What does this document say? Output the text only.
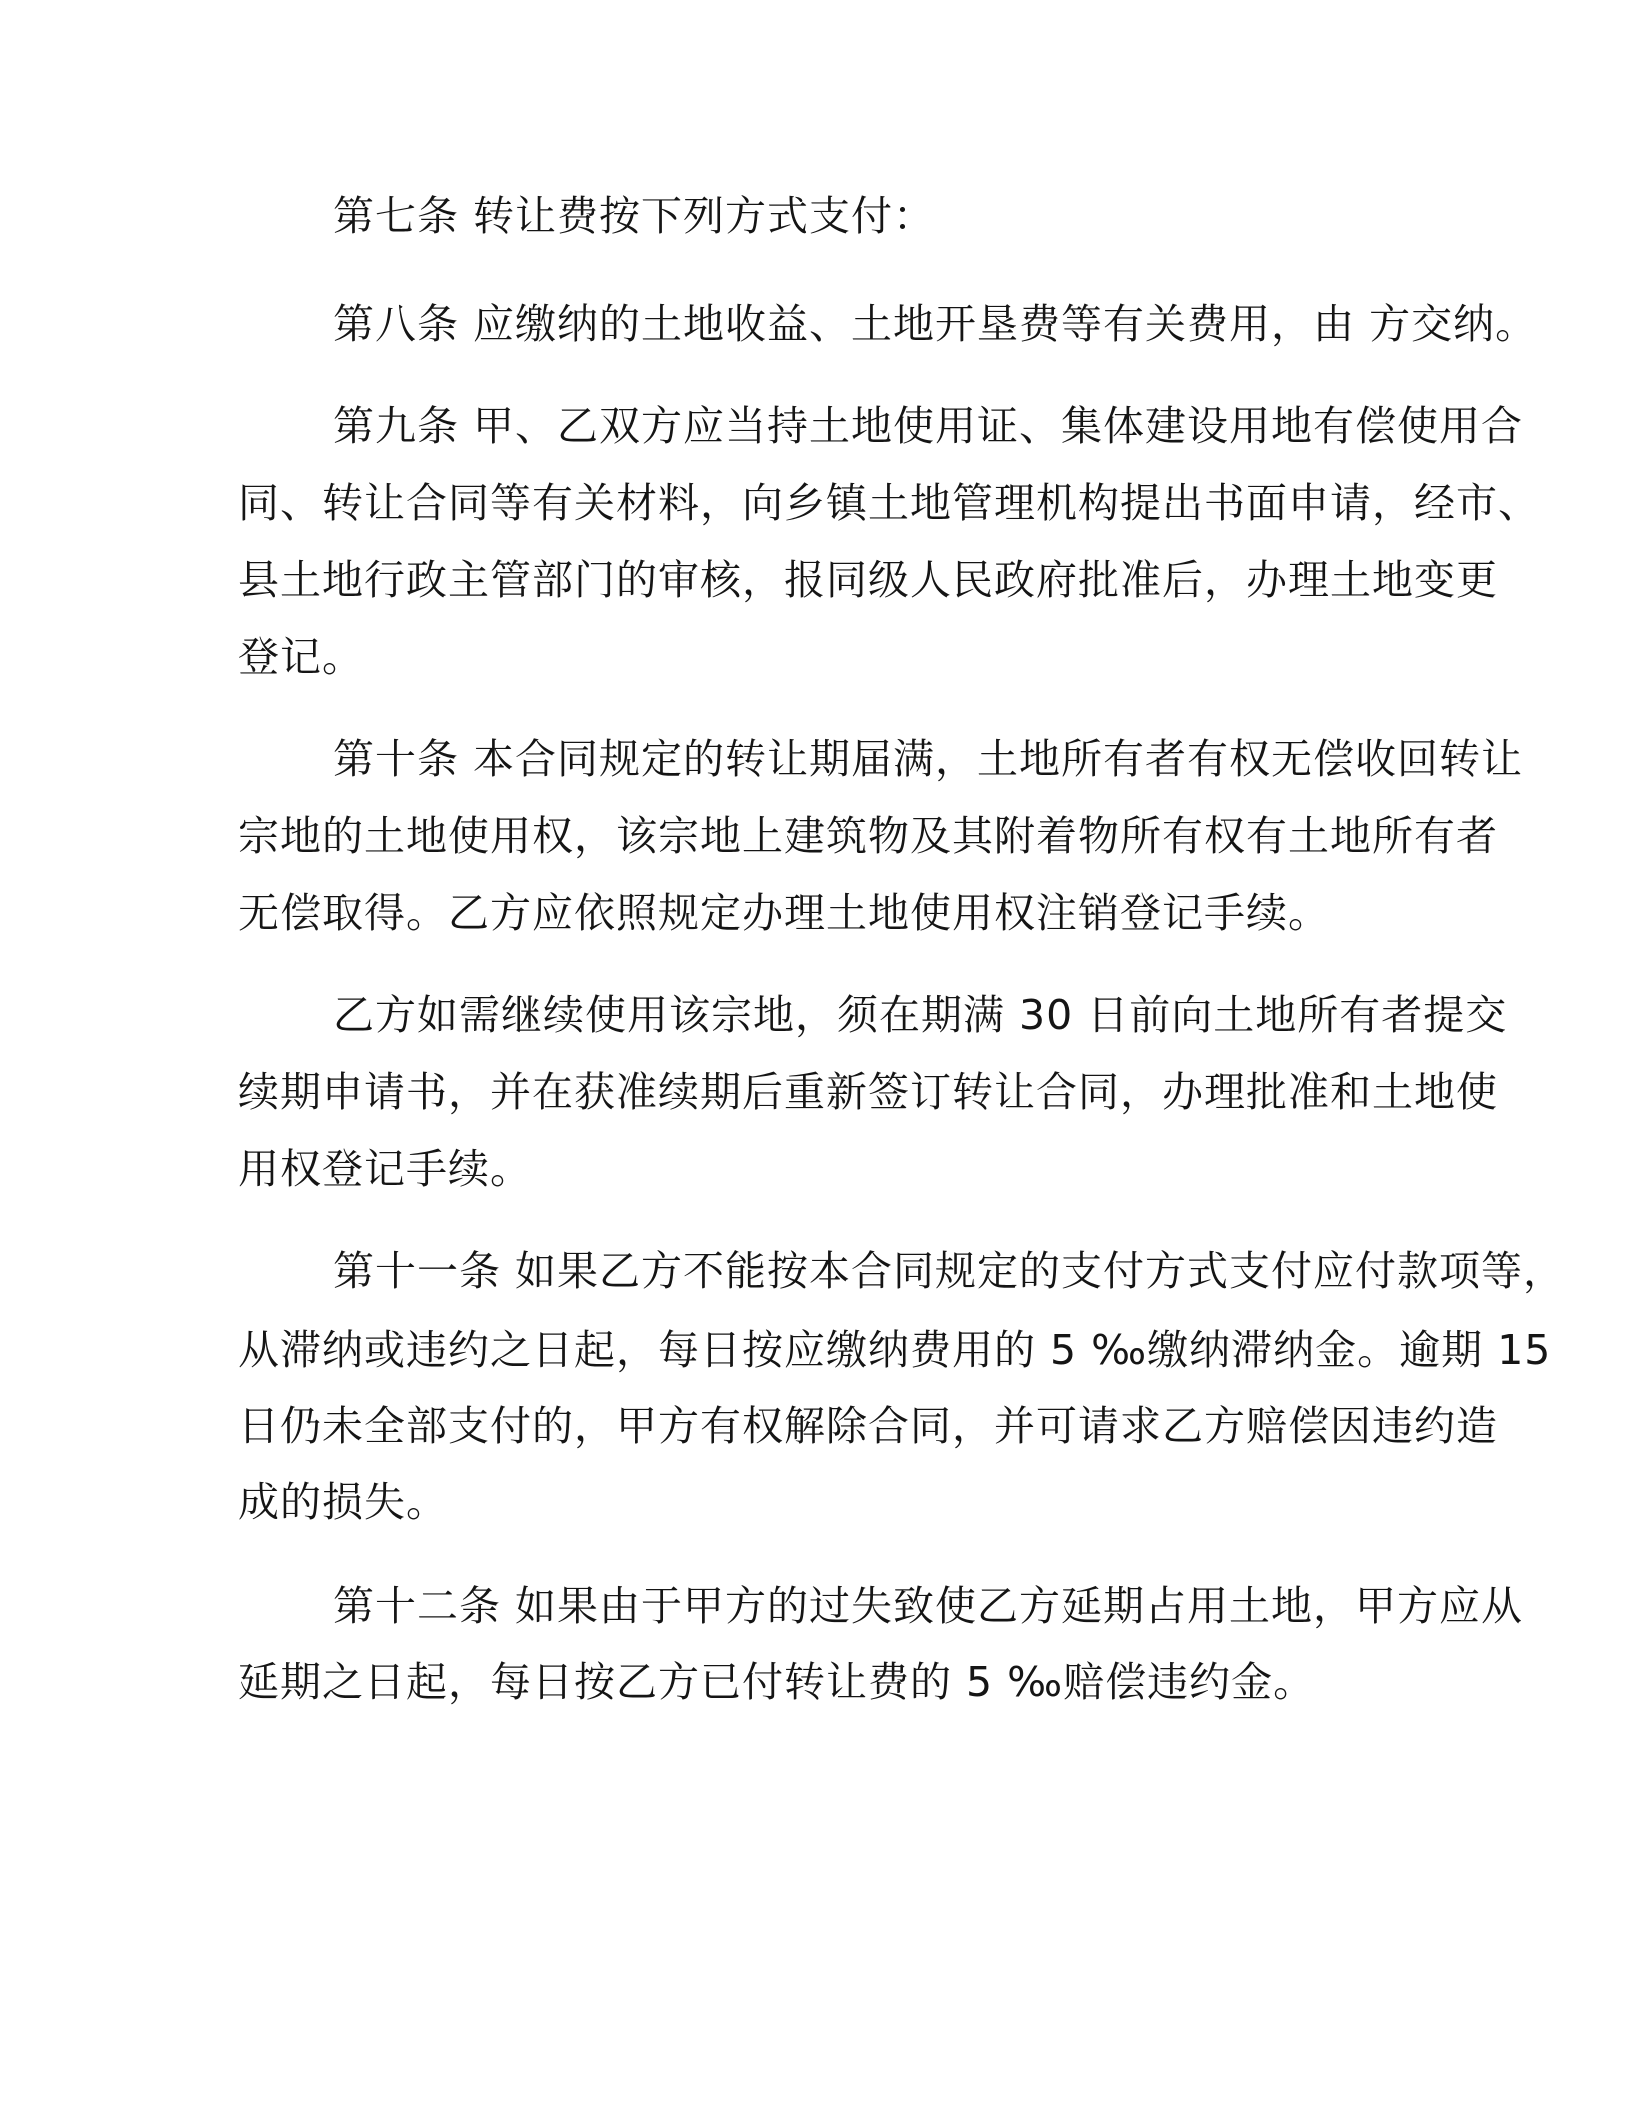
第七条 转让费按下列方式支付：
第八条 应缴纳的土地收益、土地开垦费等有关费用，由 方交纳。
第九条 甲、乙双方应当持土地使用证、集体建设用地有偿使用合
同、转让合同等有关材料，向乡镇土地管理机构提出书面申请，经市、
县土地行政主管部门的审核，报同级人民政府批准后，办理土地变更
登记。
第十条 本合同规定的转让期届满，土地所有者有权无偿收回转让
宗地的土地使用权，该宗地上建筑物及其附着物所有权有土地所有者
无偿取得。乙方应依照规定办理土地使用权注销登记手续。
乙方如需继续使用该宗地，须在期满 30 日前向土地所有者提交
续期申请书，并在获准续期后重新签订转让合同，办理批准和土地使
用权登记手续。
第十一条 如果乙方不能按本合同规定的支付方式支付应付款项等，
从滞纳或违约之日起，每日按应缴纳费用的 5 ‰缴纳滞纳金。逾期 15
日仍未全部支付的，甲方有权解除合同，并可请求乙方赔偿因违约造
成的损失。
第十二条 如果由于甲方的过失致使乙方延期占用土地，甲方应从
延期之日起，每日按乙方已付转让费的 5 ‰赔偿违约金。
